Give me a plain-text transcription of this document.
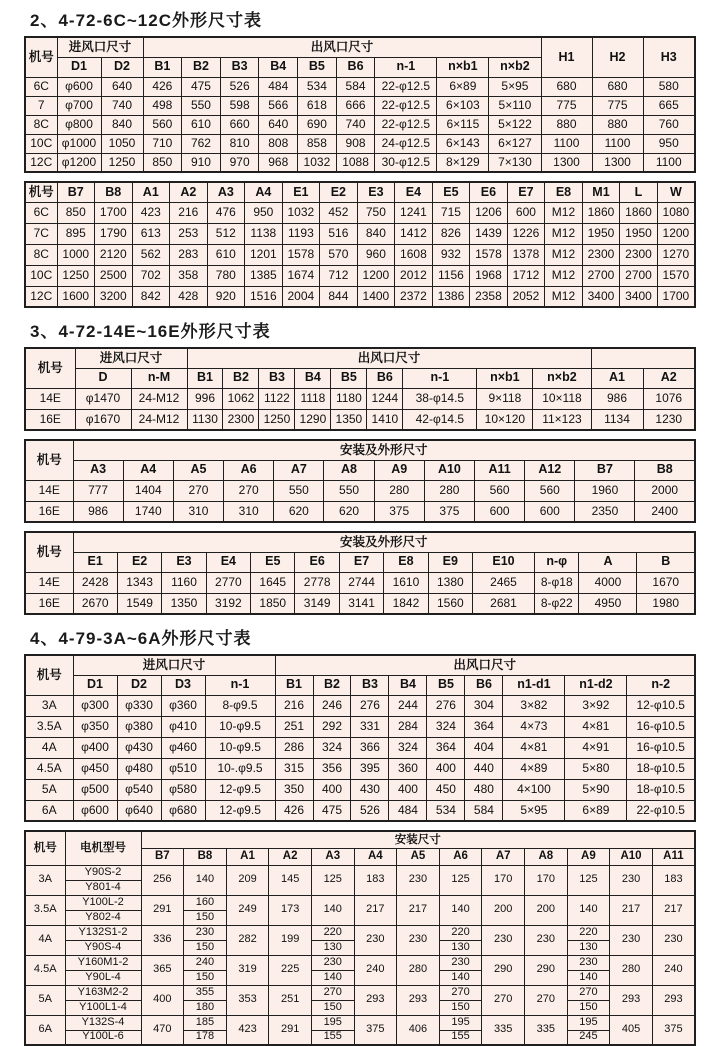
2、4-72-6C~12C外形尺寸表
机号	进风口尺寸		出风口尺寸									H1	H2	H3
	D1	D2	B1	B2	B3	B4	B5	B6	n-1	n×b1	n×b2			
6C	φ600	640	426	475	526	484	534	584	22-φ12.5	6×89	5×95	680	680	580
7	φ700	740	498	550	598	566	618	666	22-φ12.5	6×103	5×110	775	775	665
8C	φ800	840	560	610	660	640	690	740	22-φ12.5	6×115	5×122	880	880	760
10C	φ1000	1050	710	762	810	808	858	908	24-φ12.5	6×143	6×127	1100	1100	950
12C	φ1200	1250	850	910	970	968	1032	1088	30-φ12.5	8×129	7×130	1300	1300	1100
机号	B7	B8	A1	A2	A3	A4	E1	E2	E3	E4	E5	E6	E7	E8	M1	L	W
6C	850	1700	423	216	476	950	1032	452	750	1241	715	1206	600	M12	1860	1860	1080
7C	895	1790	613	253	512	1138	1193	516	840	1412	826	1439	1226	M12	1950	1950	1200
8C	1000	2120	562	283	610	1201	1578	570	960	1608	932	1578	1378	M12	2300	2300	1270
10C	1250	2500	702	358	780	1385	1674	712	1200	2012	1156	1968	1712	M12	2700	2700	1570
12C	1600	3200	842	428	920	1516	2004	844	1400	2372	1386	2358	2052	M12	3400	3400	1700
3、4-72-14E~16E外形尺寸表
机号	进风口尺寸		出风口尺寸										
	D	n-M	B1	B2	B3	B4	B5	B6	n-1	n×b1	n×b2	A1	A2
14E	φ1470	24-M12	996	1062	1122	1118	1180	1244	38-φ14.5	9×118	10×118	986	1076
16E	φ1670	24-M12	1130	2300	1250	1290	1350	1410	42-φ14.5	10×120	11×123	1134	1230
机号	安装及外形尺寸											
	A3	A4	A5	A6	A7	A8	A9	A10	A11	A12	B7	B8
14E	777	1404	270	270	550	550	280	280	560	560	1960	2000
16E	986	1740	310	310	620	620	375	375	600	600	2350	2400
机号	安装及外形尺寸												
	E1	E2	E3	E4	E5	E6	E7	E8	E9	E10	n-φ	A	B
14E	2428	1343	1160	2770	1645	2778	2744	1610	1380	2465	8-φ18	4000	1670
16E	2670	1549	1350	3192	1850	3149	3141	1842	1560	2681	8-φ22	4950	1980
4、4-79-3A~6A外形尺寸表
机号	进风口尺寸				出风口尺寸								
	D1	D2	D3	n-1	B1	B2	B3	B4	B5	B6	n1-d1	n1-d2	n-2
3A	φ300	φ330	φ360	8-φ9.5	216	246	276	244	276	304	3×82	3×92	12-φ10.5
3.5A	φ350	φ380	φ410	10-φ9.5	251	292	331	284	324	364	4×73	4×81	16-φ10.5
4A	φ400	φ430	φ460	10-φ9.5	286	324	366	324	364	404	4×81	4×91	16-φ10.5
4.5A	φ450	φ480	φ510	10-.φ9.5	315	356	395	360	400	440	4×89	5×80	18-φ10.5
5A	φ500	φ540	φ580	12-φ9.5	350	400	430	400	450	480	4×100	5×90	18-φ10.5
6A	φ600	φ640	φ680	12-φ9.5	426	475	526	484	534	584	5×95	6×89	22-φ10.5
机号	电机型号	安装尺寸												
		B7	B8	A1	A2	A3	A4	A5	A6	A7	A8	A9	A10	A11
3A	Y90S-2	256	140	209	145	125	183	230	125	170	170	125	230	183
	Y801-4													
3.5A	Y100L-2	291	160	249	173	140	217	217	140	200	200	140	217	217
	Y802-4		150											
4A	Y132S1-2	336	230	282	199	220	230	230	220	230	230	220	230	230
	Y90S-4		150			130			130			130		
4.5A	Y160M1-2	365	240	319	225	230	240	280	230	290	290	230	280	240
	Y90L-4		150			140			140			140		
5A	Y163M2-2	400	355	353	251	270	293	293	270	270	270	270	293	293
	Y100L1-4		180			150			150			150		
6A	Y132S-4	470	185	423	291	195	375	406	195	335	335	195	405	375
	Y100L-6		178			155			155			245		
